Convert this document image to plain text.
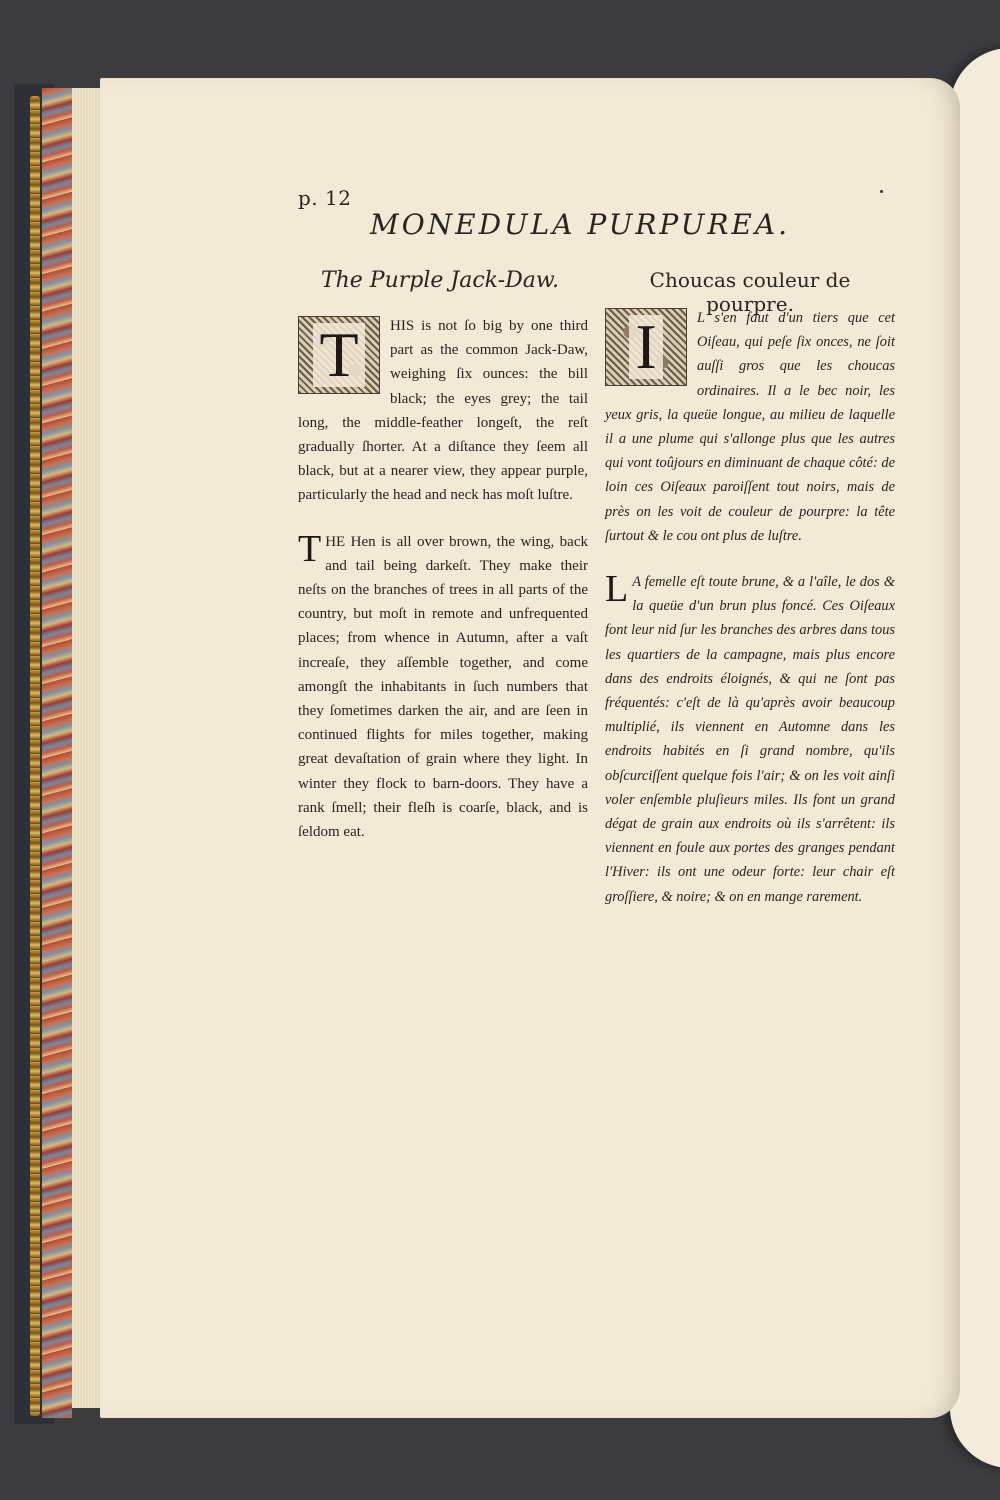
p. 12
MONEDULA PURPUREA.
The Purple Jack-Daw.	Choucas couleur de pourpre.

T	HIS is not ſo big by one third part as the common Jack-Daw, weighing ſix ounces: the bill black; the eyes grey; the tail long, the middle-feather longeſt, the reſt gradually ſhorter. At a diſtance they ſeem all black, but at a nearer view, they appear purple, particularly the head and neck has moſt luſtre.

THE Hen is all over brown, the wing, back and tail being darkeſt. They make their neſts on the branches of trees in all parts of the country, but moſt in remote and unfrequented places; from whence in Autumn, after a vaſt increaſe, they aſſemble together, and come amongſt the inhabitants in ſuch numbers that they ſometimes darken the air, and are ſeen in continued flights for miles together, making great devaſtation of grain where they light. In winter they flock to barn-doors. They have a rank ſmell; their fleſh is coarſe, black, and is ſeldom eat.

I	L s'en faut d'un tiers que cet Oiſeau, qui peſe ſix onces, ne ſoit auſſi gros que les choucas ordinaires. Il a le bec noir, les yeux gris, la queüe longue, au milieu de laquelle il a une plume qui s'allonge plus que les autres qui vont toûjours en diminuant de chaque côté: de loin ces Oiſeaux paroiſſent tout noirs, mais de près on les voit de couleur de pourpre: la tête ſurtout & le cou ont plus de luſtre.

L A femelle eſt toute brune, & a l'aîle, le dos & la queüe d'un brun plus foncé. Ces Oiſeaux font leur nid ſur les branches des arbres dans tous les quartiers de la campagne, mais plus encore dans des endroits éloignés, & qui ne ſont pas fréquentés: c'eſt de là qu'après avoir beaucoup multiplié, ils viennent en Automne dans les endroits habités en ſi grand nombre, qu'ils obſcurciſſent quelque fois l'air; & on les voit ainſi voler enſemble pluſieurs miles. Ils font un grand dégat de grain aux endroits où ils s'arrêtent: ils viennent en foule aux portes des granges pendant l'Hiver: ils ont une odeur forte: leur chair eſt groſſiere, & noire; & on en mange rarement.
